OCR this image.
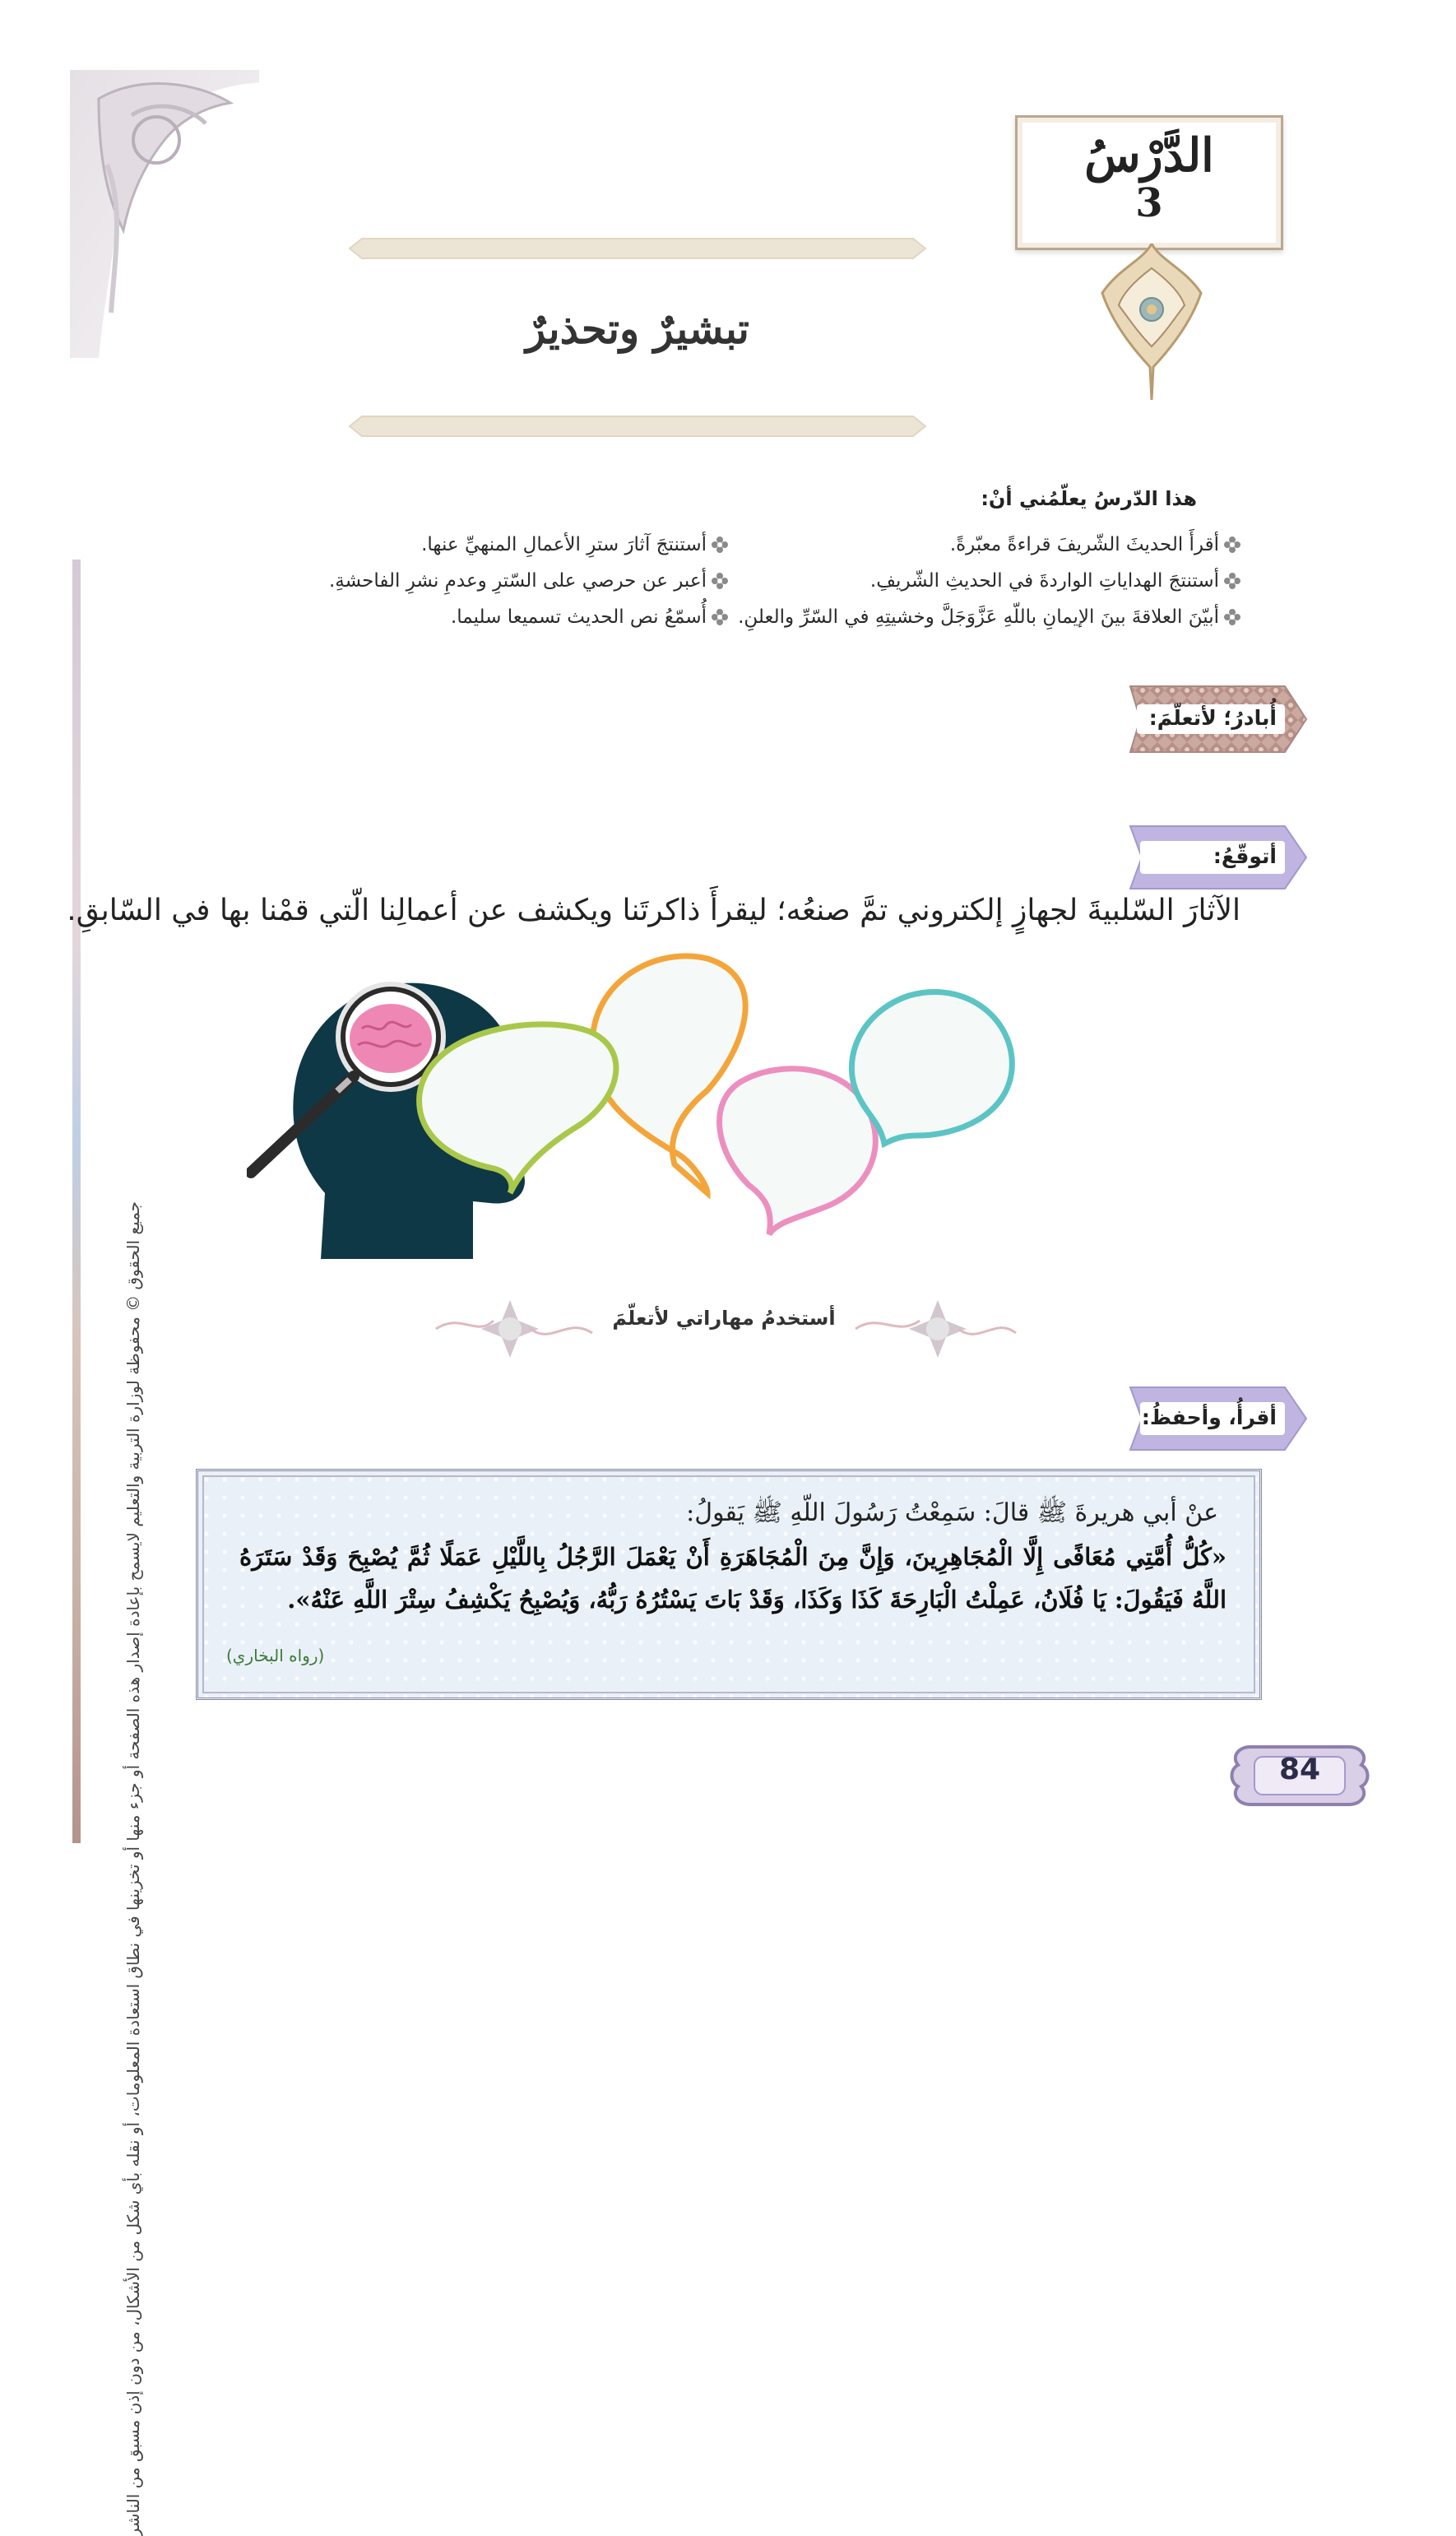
جميع الحقوق © محفوظة لوزارة التربية والتعليم لايسمح بإعادة إصدار هذه الصفحة أو جزء منها أو تخزينها في نطاق استعادة المعلومات، أو نقله بأي شكل من الأشكال، من دون إذن مسبق من الناشر
الدَّرْسُ
3
تبشيرٌ وتحذيرٌ
هذا الدّرسُ يعلّمُني أنْ:
أقرأَ الحديثَ الشّريفَ قراءةً معبّرةً.
أستنتجَ الهداياتِ الواردةَ في الحديثِ الشّريفِ.
أبيّنَ العلاقةَ بينَ الإيمانِ باللّهِ عَزَّوَجَلَّ وخشيتِهِ في السّرِّ والعلنِ.
أستنتجَ آثارَ سترِ الأعمالِ المنهيِّ عنها.
أعبر عن حرصي على السّترِ وعدمِ نشرِ الفاحشةِ.
أُسمّعُ نص الحديث تسميعا سليما.
أُبادرُ؛ لأتعلّمَ:
أتوقّعُ:
الآثارَ السّلبيةَ لجهازٍ إلكتروني تمَّ صنعُه؛ ليقرأَ ذاكرتَنا ويكشف عن أعمالِنا الّتي قمْنا بها في السّابقِ.
أستخدمُ مهاراتي لأتعلّمَ
أقرأُ، وأحفظُ:
عنْ أبي هريرةَ ﷺ قالَ: سَمِعْتُ رَسُولَ اللّهِ ﷺ يَقولُ:
«كُلُّ أُمَّتِي مُعَافًى إِلَّا الْمُجَاهِرِينَ، وَإِنَّ مِنَ الْمُجَاهَرَةِ أَنْ يَعْمَلَ الرَّجُلُ بِاللَّيْلِ عَمَلًا ثُمَّ يُصْبِحَ وَقَدْ سَتَرَهُ اللَّهُ فَيَقُولَ: يَا فُلَانُ، عَمِلْتُ الْبَارِحَةَ كَذَا وَكَذَا، وَقَدْ بَاتَ يَسْتُرُهُ رَبُّهُ، وَيُصْبِحُ يَكْشِفُ سِتْرَ اللَّهِ عَنْهُ».
(رواه البخاري)
84
